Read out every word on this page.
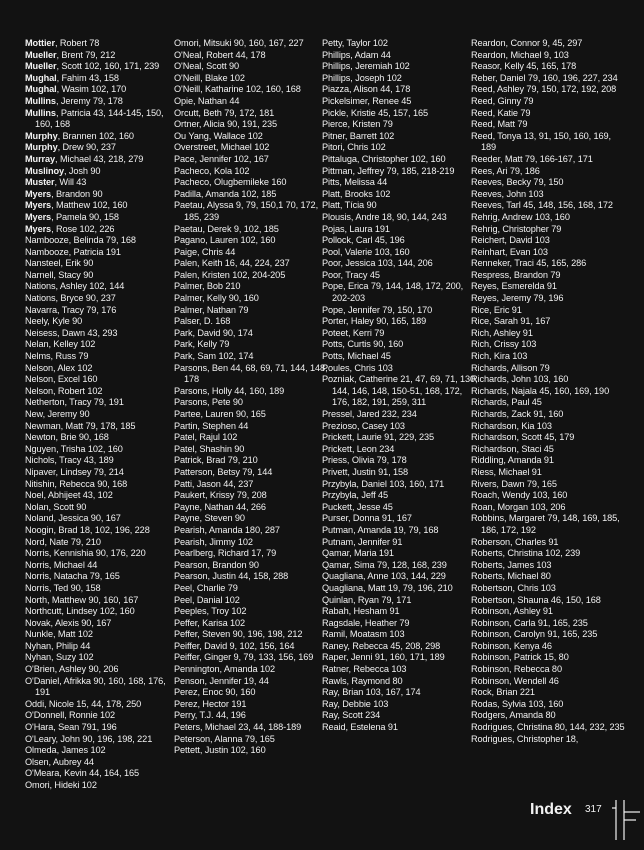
Mottier, Robert 78
Mueller, Brent 79, 212
Mueller, Scott 102, 160, 171, 239
Mughal, Fahim 43, 158
Mughal, Wasim 102, 170
Mullins, Jeremy 79, 178
Mullins, Patricia 43, 144-145, 150, 160, 168
Murphy, Brannen 102, 160
Murphy, Drew 90, 237
Murray, Michael 43, 218, 279
Muslinoy, Josh 90
Muster, Will 43
Myers, Brandon 90
Myers, Matthew 102, 160
Myers, Pamela 90, 158
Myers, Rose 102, 226
Nambooze, Belinda 79, 168
Nambooze, Patricia 191
Nansteel, Erik 90
Narnell, Stacy 90
Nations, Ashley 102, 144
Nations, Bryce 90, 237
Navarra, Tracy 79, 176
Neely, Kyle 90
Neisess, Dawn 43, 293
Nelan, Kelley 102
Nelms, Russ 79
Nelson, Alex 102
Nelson, Excel 160
Nelson, Robert 102
Netherton, Tracy 79, 191
New, Jeremy 90
Newman, Matt 79, 178, 185
Newton, Brie 90, 168
Nguyen, Trisha 102, 160
Nichols, Tracy 43, 189
Nipaver, Lindsey 79, 214
Nitishin, Rebecca 90, 168
Noel, Abhijeet 43, 102
Nolan, Scott 90
Noland, Jessica 90, 167
Noogin, Brad 18, 102, 196, 228
Nord, Nate 79, 210
Norris, Kennishia 90, 176, 220
Norris, Michael 44
Norris, Natacha 79, 165
Norris, Ted 90, 158
North, Matthew 90, 160, 167
Northcutt, Lindsey 102, 160
Novak, Alexis 90, 167
Nunkle, Matt 102
Nyhan, Philip 44
Nyhan, Suzy 102
O'Brien, Ashley 90, 206
O'Daniel, Afrikka 90, 160, 168, 176, 191
Oddi, Nicole 15, 44, 178, 250
O'Donnell, Ronnie 102
O'Hara, Sean 791, 196
O'Leary, John 90, 196, 198, 221
Olmeda, James 102
Olsen, Aubrey 44
O'Meara, Kevin 44, 164, 165
Omori, Hideki 102
Omori, Mitsuki 90, 160, 167, 227
O'Neal, Robert 44, 178
O'Neal, Scott 90
O'Neill, Blake 102
O'Neill, Katharine 102, 160, 168
Opie, Nathan 44
Orcutt, Beth 79, 172, 181
Ortner, Alicia 90, 191, 235
Ou Yang, Wallace 102
Overstreet, Michael 102
Pace, Jennifer 102, 167
Pacheco, Kola 102
Pacheco, Olugbemileke 160
Padilla, Amanda 102, 185
Paetau, Alyssa 9, 79, 150,1 70, 172, 185, 239
Paetau, Derek 9, 102, 185
Pagano, Lauren 102, 160
Paige, Chris 44
Palen, Keith 16, 44, 224, 237
Palen, Kristen 102, 204-205
Palmer, Bob 210
Palmer, Kelly 90, 160
Palmer, Nathan 79
Palser, D. 168
Park, David 90, 174
Park, Kelly 79
Park, Sam 102, 174
Parsons, Ben 44, 68, 69, 71, 144, 148, 178
Parsons, Holly 44, 160, 189
Parsons, Pete 90
Partee, Lauren 90, 165
Partin, Stephen 44
Patel, Rajul 102
Patel, Shashin 90
Patrick, Brad 79, 210
Patterson, Betsy 79, 144
Patti, Jason 44, 237
Paukert, Krissy 79, 208
Payne, Nathan 44, 266
Payne, Steven 90
Pearish, Amanda 180, 287
Pearish, Jimmy 102
Pearlberg, Richard 17, 79
Pearson, Brandon 90
Pearson, Justin 44, 158, 288
Peel, Charlie 79
Peel, Danial 102
Peeples, Troy 102
Peffer, Karisa 102
Peffer, Steven 90, 196, 198, 212
Peiffer, David 9, 102, 156, 164
Peiffer, Ginger 9, 79, 133, 156, 169
Pennington, Amanda 102
Penson, Jennifer 19, 44
Perez, Enoc 90, 160
Perez, Hector 191
Perry, T.J. 44, 196
Peters, Michael 23, 44, 188-189
Peterson, Alanna 79, 165
Pettett, Justin 102, 160
Petty, Taylor 102
Phillips, Adam 44
Phillips, Jeremiah 102
Phillips, Joseph 102
Piazza, Alison 44, 178
Pickelsimer, Renee 45
Pickle, Kristie 45, 157, 165
Pierce, Kristen 79
Pitner, Barrett 102
Pitori, Chris 102
Pittaluga, Christopher 102, 160
Pittman, Jeffrey 79, 185, 218-219
Pitts, Melissa 44
Platt, Brooks 102
Platt, Tícia 90
Plousis, Andre 18, 90, 144, 243
Pojas, Laura 191
Pollock, Carl 45, 196
Pool, Valerie 103, 160
Poor, Jessica 103, 144, 206
Poor, Tracy 45
Pope, Erica 79, 144, 148, 172, 200, 202-203
Pope, Jennifer 79, 150, 170
Porter, Haley 90, 165, 189
Poteet, Kerri 79
Potts, Curtis 90, 160
Potts, Michael 45
Poules, Chris 103
Pozniak, Catherine 21, 47, 69, 71, 130, 144, 146, 148, 150-51, 168, 172, 176, 182, 191, 259, 311
Pressel, Jared 232, 234
Prezioso, Casey 103
Prickett, Laurie 91, 229, 235
Prickett, Leon 234
Priess, Olivia 79, 178
Privett, Justin 91, 158
Przybyla, Daniel 103, 160, 171
Przybyla, Jeff 45
Puckett, Jesse 45
Purser, Donna 91, 167
Putman, Amanda 19, 79, 168
Putnam, Jennifer 91
Qamar, Maria 191
Qamar, Sima 79, 128, 168, 239
Quagliana, Anne 103, 144, 229
Quagliana, Matt 19, 79, 196, 210
Quinlan, Ryan 79, 171
Rabah, Hesham 91
Ragsdale, Heather 79
Ramil, Moatasm 103
Raney, Rebecca 45, 208, 298
Raper, Jenni 91, 160, 171, 189
Ratner, Rebecca 103
Rawls, Raymond 80
Ray, Brian 103, 167, 174
Ray, Debbie 103
Ray, Scott 234
Reaid, Estelena 91
Reardon, Connor 9, 45, 297
Reardon, Michael 9, 103
Reasor, Kelly 45, 165, 178
Reber, Daniel 79, 160, 196, 227, 234
Reed, Ashley 79, 150, 172, 192, 208
Reed, Ginny 79
Reed, Katie 79
Reed, Matt 79
Reed, Tonya 13, 91, 150, 160, 169, 189
Reeder, Matt 79, 166-167, 171
Rees, Ari 79, 186
Reeves, Becky 79, 150
Reeves, John 103
Reeves, Tarl 45, 148, 156, 168, 172
Rehrig, Andrew 103, 160
Rehrig, Christopher 79
Reichert, David 103
Reinhart, Evan 103
Renneker, Traci 45, 165, 286
Respress, Brandon 79
Reyes, Esmerelda 91
Reyes, Jeremy 79, 196
Rice, Eric 91
Rice, Sarah 91, 167
Rich, Ashley 91
Rich, Crissy 103
Rich, Kira 103
Richards, Allison 79
Richards, John 103, 160
Richards, Najala 45, 160, 169, 190
Richards, Paul 45
Richards, Zack 91, 160
Richardson, Kia 103
Richardson, Scott 45, 179
Richardson, Staci 45
Riddling, Amanda 91
Riess, Michael 91
Rivers, Dawn 79, 165
Roach, Wendy 103, 160
Roan, Morgan 103, 206
Robbins, Margaret 79, 148, 169, 185, 186, 172, 192
Roberson, Charles 91
Roberts, Christina 102, 239
Roberts, James 103
Roberts, Michael 80
Robertson, Chris 103
Robertson, Shauna 46, 150, 168
Robinson, Ashley 91
Robinson, Carla 91, 165, 235
Robinson, Carolyn 91, 165, 235
Robinson, Kenya 46
Robinson, Patrick 15, 80
Robinson, Rebecca 80
Robinson, Wendell 46
Rock, Brian 221
Rodas, Sylvia 103, 160
Rodgers, Amanda 80
Rodrigues, Christina 80, 144, 232, 235
Rodrigues, Christopher 18,
Index 317
